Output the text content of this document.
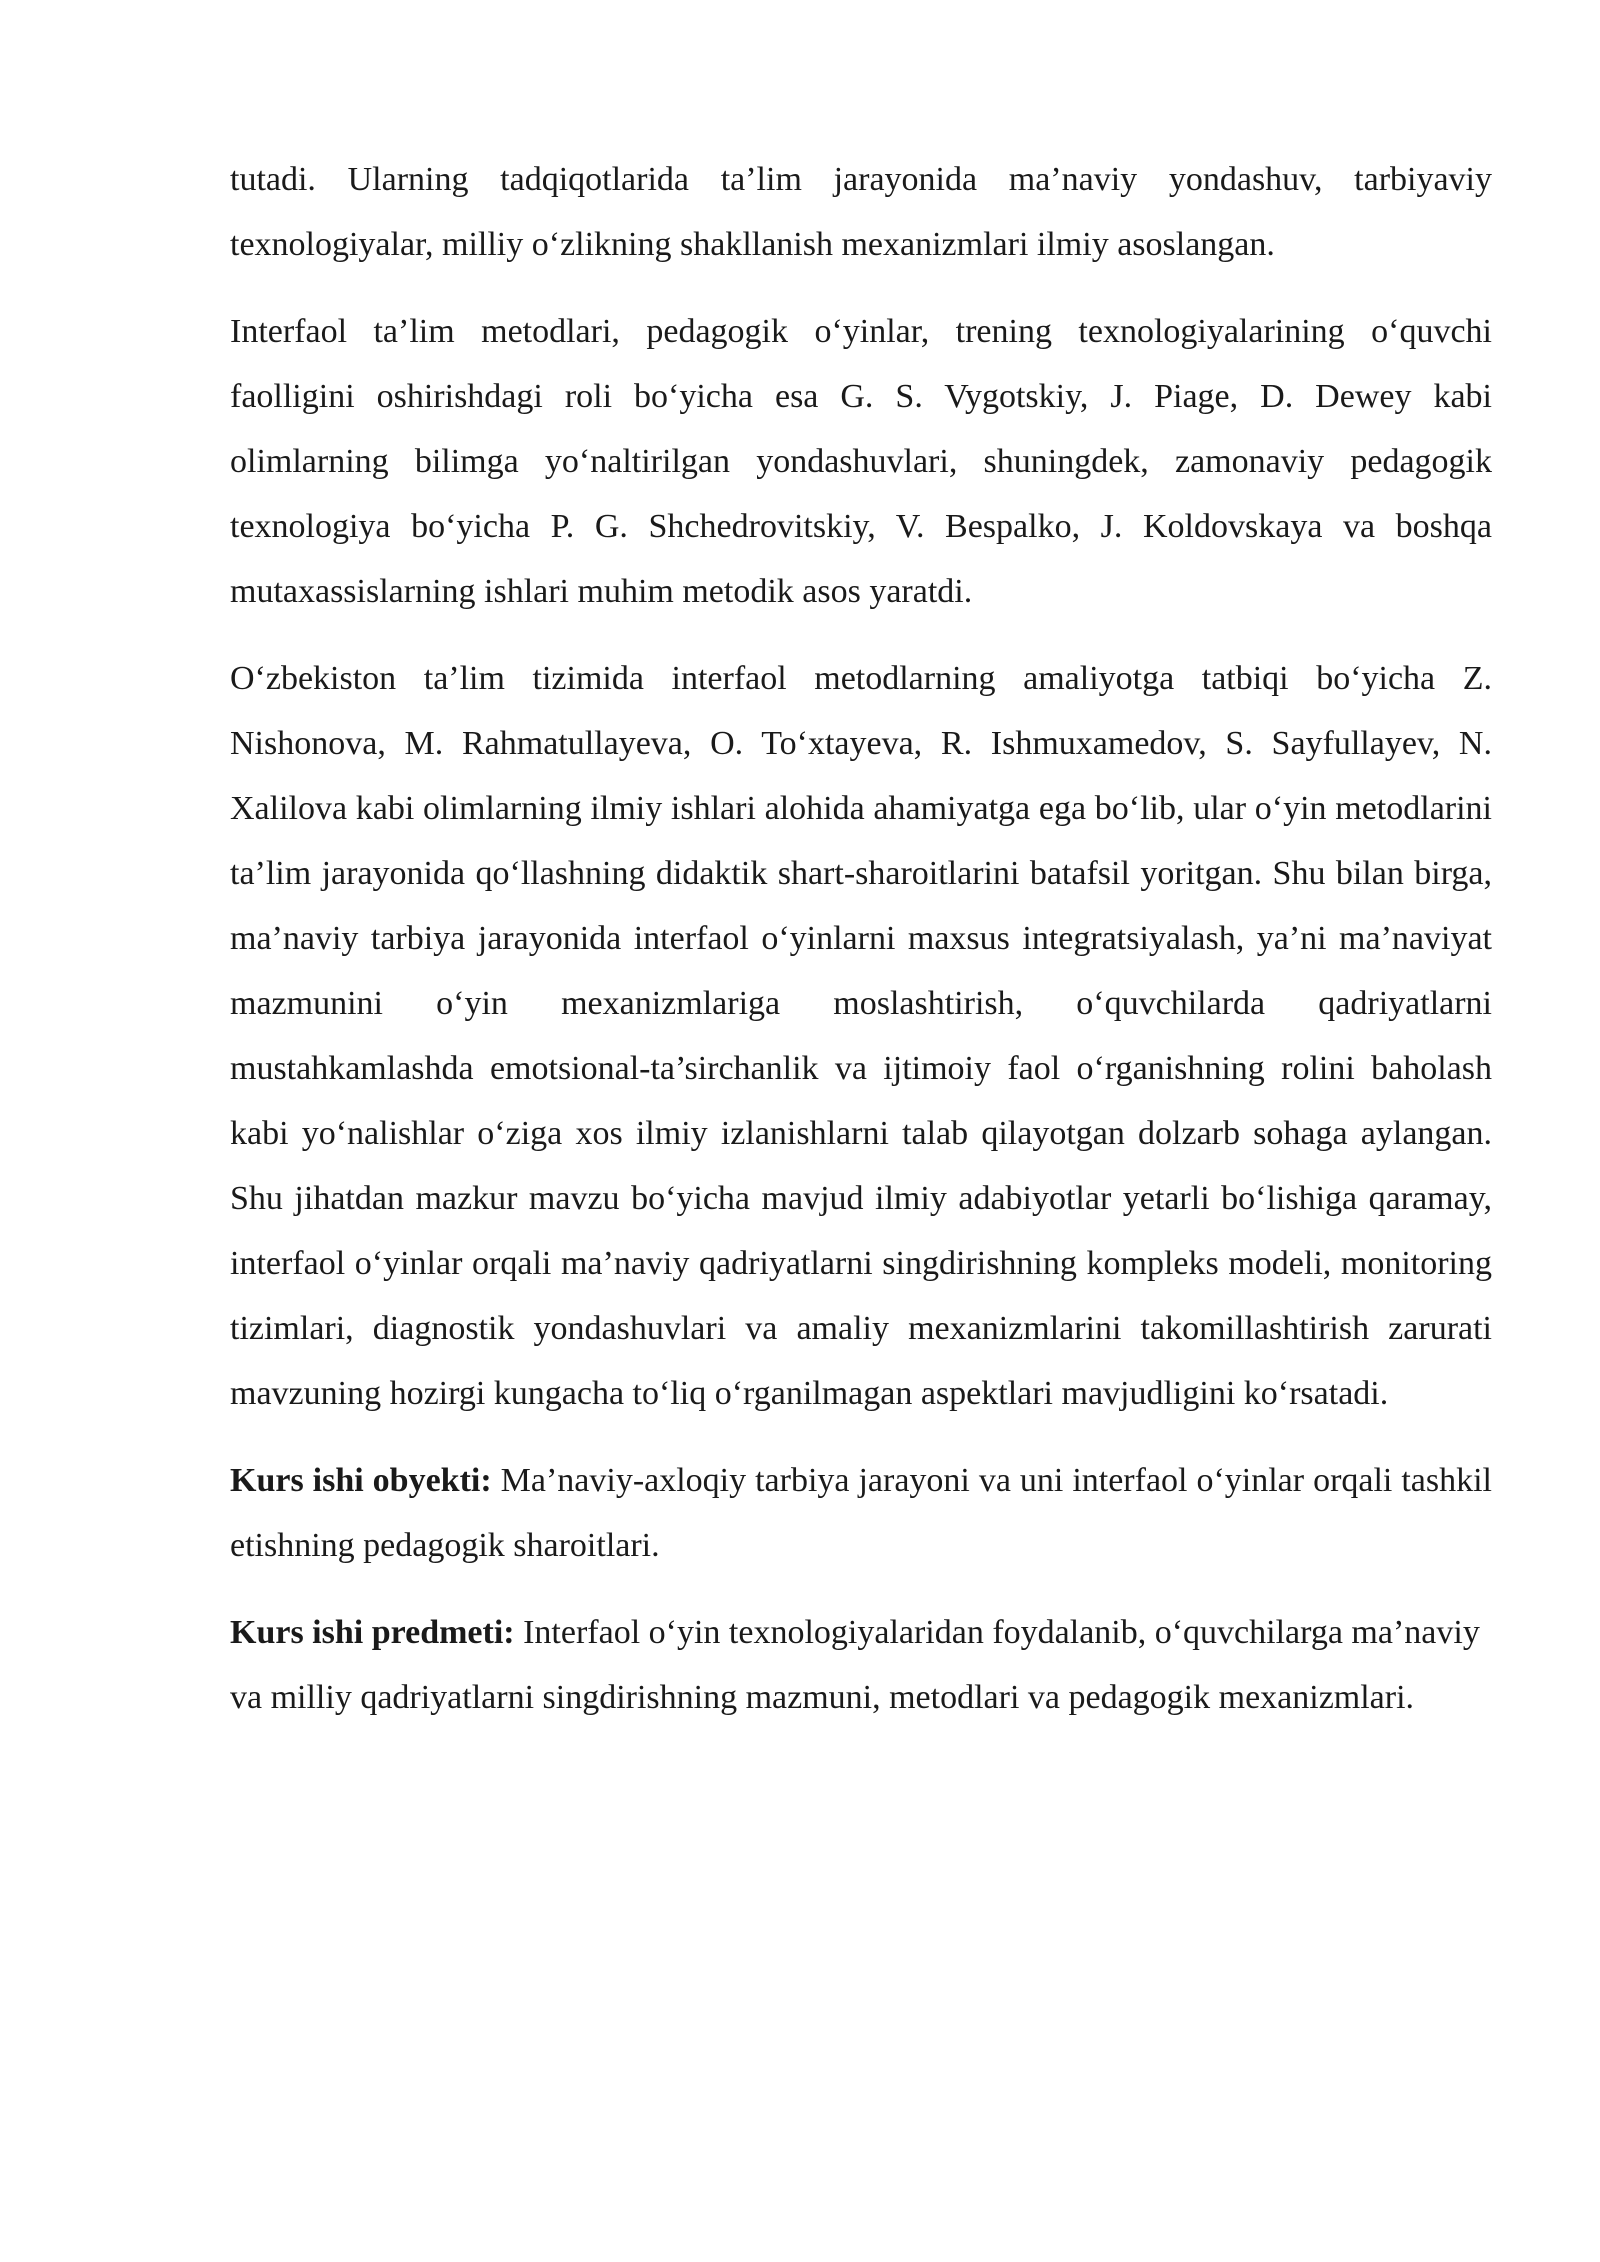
tutadi. Ularning tadqiqotlarida ta’lim jarayonida ma’naviy yondashuv, tarbiyaviy texnologiyalar, milliy o‘zlikning shakllanish mexanizmlari ilmiy asoslangan.

Interfaol ta’lim metodlari, pedagogik o‘yinlar, trening texnologiyalarining o‘quvchi faolligini oshirishdagi roli bo‘yicha esa G. S. Vygotskiy, J. Piage, D. Dewey kabi olimlarning bilimga yo‘naltirilgan yondashuvlari, shuningdek, zamonaviy pedagogik texnologiya bo‘yicha P. G. Shchedrovitskiy, V. Bespalko, J. Koldovskaya va boshqa mutaxassislarning ishlari muhim metodik asos yaratdi.

O‘zbekiston ta’lim tizimida interfaol metodlarning amaliyotga tatbiqi bo‘yicha Z. Nishonova, M. Rahmatullayeva, O. To‘xtayeva, R. Ishmuxamedov, S. Sayfullayev, N. Xalilova kabi olimlarning ilmiy ishlari alohida ahamiyatga ega bo‘lib, ular o‘yin metodlarini ta’lim jarayonida qo‘llashning didaktik shart-sharoitlarini batafsil yoritgan. Shu bilan birga, ma’naviy tarbiya jarayonida interfaol o‘yinlarni maxsus integratsiyalash, ya’ni ma’naviyat mazmunini o‘yin mexanizmlariga moslashtirish, o‘quvchilarda qadriyatlarni mustahkamlashda emotsional-ta’sirchanlik va ijtimoiy faol o‘rganishning rolini baholash kabi yo‘nalishlar o‘ziga xos ilmiy izlanishlarni talab qilayotgan dolzarb sohaga aylangan. Shu jihatdan mazkur mavzu bo‘yicha mavjud ilmiy adabiyotlar yetarli bo‘lishiga qaramay, interfaol o‘yinlar orqali ma’naviy qadriyatlarni singdirishning kompleks modeli, monitoring tizimlari, diagnostik yondashuvlari va amaliy mexanizmlarini takomillashtirish zarurati mavzuning hozirgi kungacha to‘liq o‘rganilmagan aspektlari mavjudligini ko‘rsatadi.

Kurs ishi obyekti: Ma’naviy-axloqiy tarbiya jarayoni va uni interfaol o‘yinlar orqali tashkil etishning pedagogik sharoitlari.

Kurs ishi predmeti: Interfaol o‘yin texnologiyalaridan foydalanib, o‘quvchilarga ma’naviy va milliy qadriyatlarni singdirishning mazmuni, metodlari va pedagogik mexanizmlari.
